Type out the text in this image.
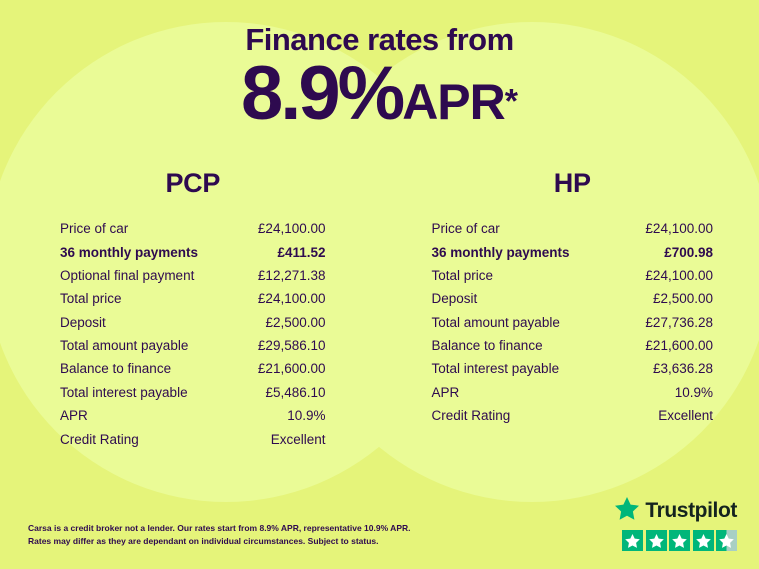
Finance rates from
8.9%APR*
PCP
Price of car	£24,100.00
36 monthly payments	£411.52
Optional final payment	£12,271.38
Total price	£24,100.00
Deposit	£2,500.00
Total amount payable	£29,586.10
Balance to finance	£21,600.00
Total interest payable	£5,486.10
APR	10.9%
Credit Rating	Excellent
HP
Price of car	£24,100.00
36 monthly payments	£700.98
Total price	£24,100.00
Deposit	£2,500.00
Total amount payable	£27,736.28
Balance to finance	£21,600.00
Total interest payable	£3,636.28
APR	10.9%
Credit Rating	Excellent
Carsa is a credit broker not a lender. Our rates start from 8.9% APR, representative 10.9% APR.
Rates may differ as they are dependant on individual circumstances. Subject to status.
Trustpilot
